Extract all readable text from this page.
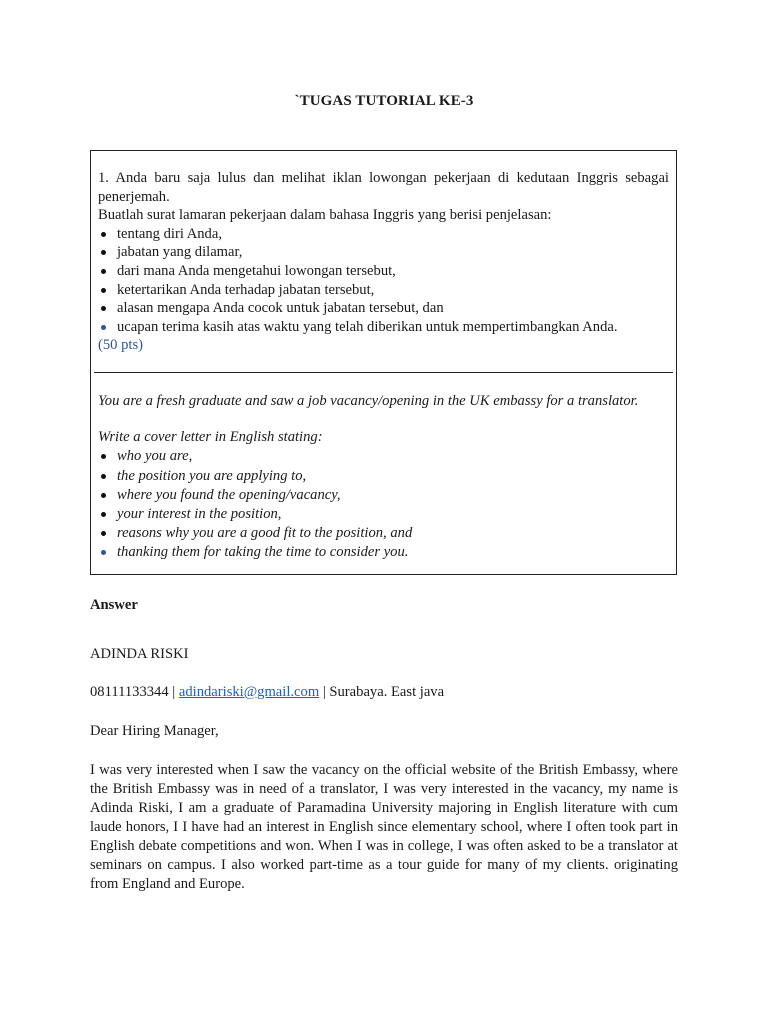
`TUGAS TUTORIAL KE-3
1. Anda baru saja lulus dan melihat iklan lowongan pekerjaan di kedutaan Inggris sebagai penerjemah.
Buatlah surat lamaran pekerjaan dalam bahasa Inggris yang berisi penjelasan:
tentang diri Anda,
jabatan yang dilamar,
dari mana Anda mengetahui lowongan tersebut,
ketertarikan Anda terhadap jabatan tersebut,
alasan mengapa Anda cocok untuk jabatan tersebut, dan
ucapan terima kasih atas waktu yang telah diberikan untuk mempertimbangkan Anda.
(50 pts)
You are a fresh graduate and saw a job vacancy/opening in the UK embassy for a translator.
Write a cover letter in English stating:
who you are,
the position you are applying to,
where you found the opening/vacancy,
your interest in the position,
reasons why you are a good fit to the position, and
thanking them for taking the time to consider you.
Answer
ADINDA RISKI
08111133344 | adindariski@gmail.com | Surabaya. East java
Dear Hiring Manager,
I was very interested when I saw the vacancy on the official website of the British Embassy, where the British Embassy was in need of a translator, I was very interested in the vacancy, my name is Adinda Riski, I am a graduate of Paramadina University majoring in English literature with cum laude honors, I I have had an interest in English since elementary school, where I often took part in English debate competitions and won. When I was in college, I was often asked to be a translator at seminars on campus. I also worked part-time as a tour guide for many of my clients. originating from England and Europe.
